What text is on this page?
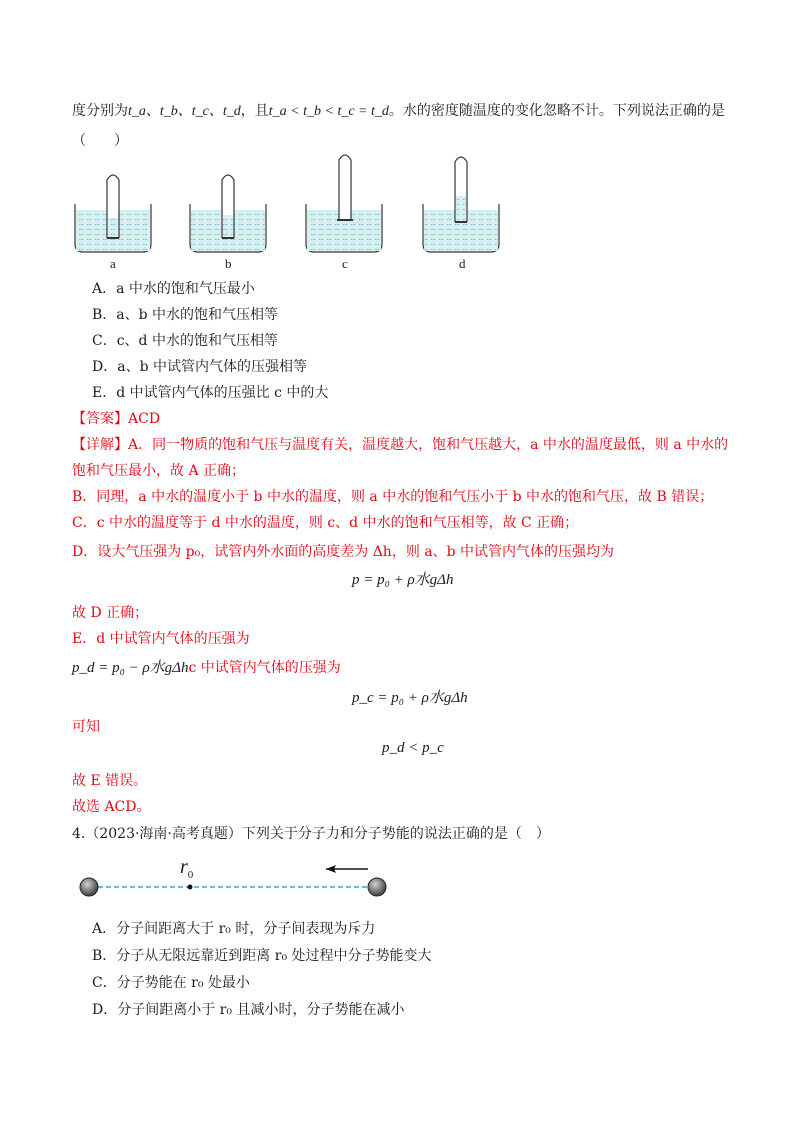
度分别为t_a、t_b、t_c、t_d，且t_a < t_b < t_c = t_d。水的密度随温度的变化忽略不计。下列说法正确的是
（　　）
a	b	c	d
A．a 中水的饱和气压最小
B．a、b 中水的饱和气压相等
C．c、d 中水的饱和气压相等
D．a、b 中试管内气体的压强相等
E．d 中试管内气体的压强比 c 中的大
【答案】ACD
【详解】A．同一物质的饱和气压与温度有关，温度越大，饱和气压越大，a 中水的温度最低，则 a 中水的
饱和气压最小，故 A 正确；
B．同理，a 中水的温度小于 b 中水的温度，则 a 中水的饱和气压小于 b 中水的饱和气压，故 B 错误；
C．c 中水的温度等于 d 中水的温度，则 c、d 中水的饱和气压相等，故 C 正确；
D．设大气压强为 p₀，试管内外水面的高度差为 Δh，则 a、b 中试管内气体的压强均为
p = p₀ + ρ水gΔh
故 D 正确；
E．d 中试管内气体的压强为
p_d = p₀ − ρ水gΔhc 中试管内气体的压强为
p_c = p₀ + ρ水gΔh
可知
p_d < p_c
故 E 错误。
故选 ACD。
4.（2023·海南·高考真题）下列关于分子力和分子势能的说法正确的是（　）
$r_0$
A．分子间距离大于 r₀ 时，分子间表现为斥力
B．分子从无限远靠近到距离 r₀ 处过程中分子势能变大
C．分子势能在 r₀ 处最小
D．分子间距离小于 r₀ 且减小时，分子势能在减小
